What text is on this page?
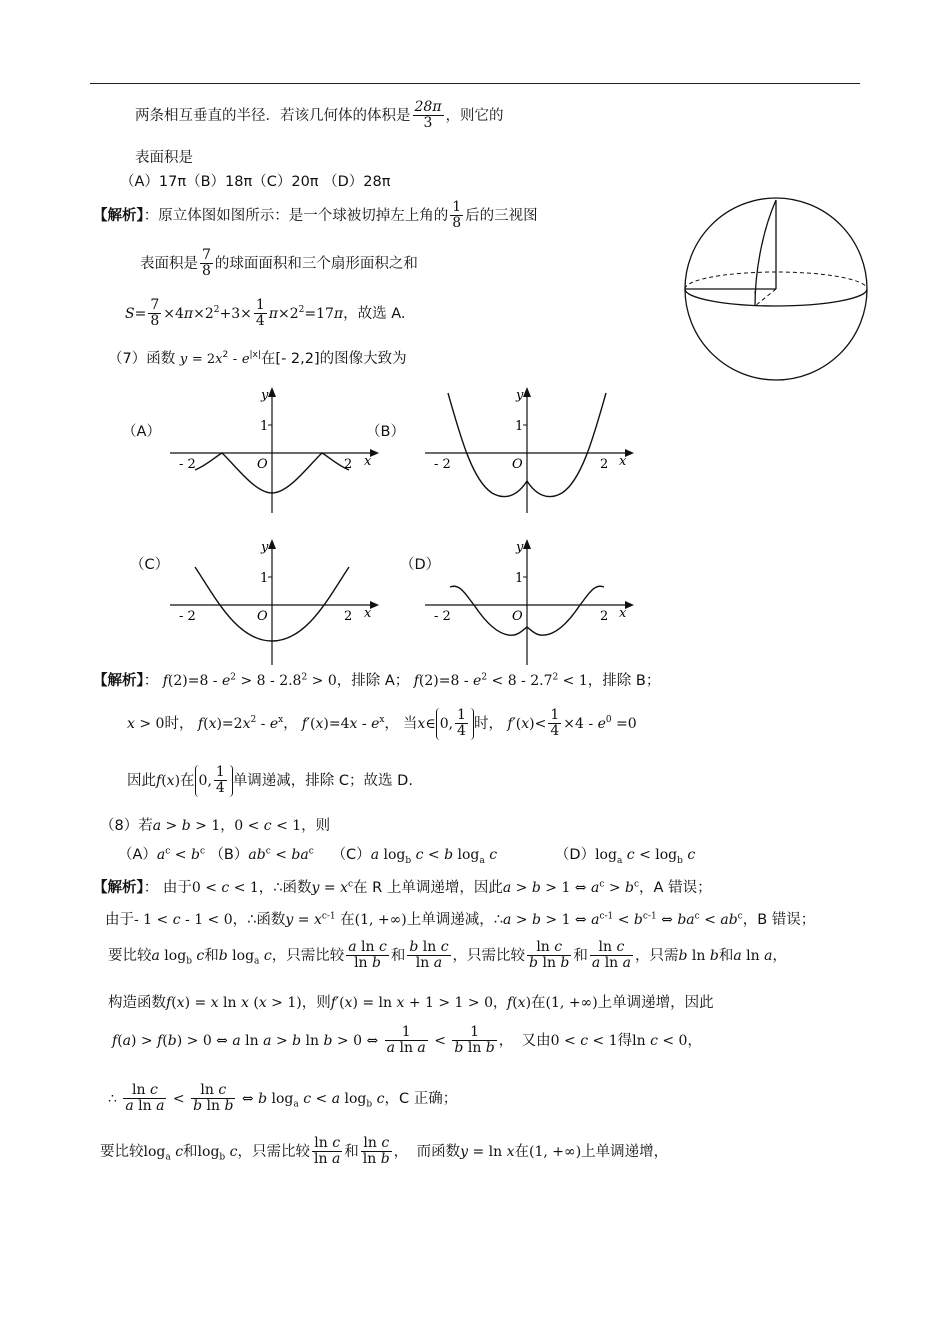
两条相互垂直的半径．若该几何体的体积是 $\frac{28\pi}{3}$ ，则它的
表面积是
（A）17π（B）18π（C）20π （D）28π
【解析】：原立体图如图所示：是一个球被切掉左上角的 $\frac{1}{8}$ 后的三视图
表面积是 $\frac{7}{8}$ 的球面面积和三个扇形面积之和
$S= \frac{7}{8} \times 4\pi\times 2^2+3\times \frac{1}{4} \pi\times 2^2=17\pi$，故选 A.
（7）函数 $y = 2x^2 - e^{|x|}$在[- 2,2]的图像大致为
（A）	（B）
（C）	（D）
y
1
O
- 2	2 x
y
1
O
- 2	2 x
y
1
O
- 2	2 x
y
1
O
- 2	2 x
【解析】： $f(2)=8 - e^2 > 8 - 2.8^2 > 0$，排除 A； $f(2)=8 - e^2 < 8 - 2.7^2 < 1$，排除 B；
x > 0时， $f(x)=2x^2 - e^x$， $f'(x)=4x - e^x$， 当x∈ 0, $\frac{1}{4}$ 时， $f'(x)< \frac{1}{4} \times 4 - e^0 =0$
因此f(x)在 0, $\frac{1}{4}$ 单调递减，排除 C；故选 D.
（8）若a > b > 1，0 < c < 1，则
$(A)a^c < b^c$ $(B)ab^c < ba^c$ （C）a $\log_b c < b$ $\log_a c$	$(D)\log_a$ $c < \log_b c$
【解析】： 由于0 < c < 1，∴函数$y = x^c$在 R 上单调递增，因此a > b > 1 ⇔ $a^c > b^c$，A 错误；
由于- 1 < c - 1 < 0，∴函数$y = x^{c-1}$ 在(1, +∞)上单调递减，∴a > b > 1 ⇔ $a^{c-1} < b^{c-1}$ ⇔ $ba^c < ab^c$，B 错误；
要比较a $\log_b c$和b $\log_a c$，只需比较 $\frac{\text{a ln c}}{\text{ln b}}$ 和 $\frac{\text{b ln c}}{\text{ln a}}$ ，只需比较 $\frac{\text{ln c}}{\text{b ln b}}$ 和 $\frac{\text{ln c}}{\text{a ln a}}$ ，只需b ln b和a ln a，
构造函数f(x) = x ln x (x > 1)，则f′(x) = ln x + 1 > 1 > 0，f(x)在(1, +∞)上单调递增，因此
f(a) > f(b) > 0 ⇔ a ln a > b ln b > 0 ⇔ $\frac{1}{\text{a ln a}} < \frac{1}{\text{b ln b}}$ ，  又由0 < c < 1得ln c < 0，
∴ $\frac{\text{ln c}}{\text{a ln a}} < \frac{\text{ln c}}{\text{b ln b}}$ ⇔ b $\log_a c < a$ $\log_b c$，C 正确；
要比较$\log_a c$和$\log_b c$，只需比较 $\frac{\text{ln c}}{\text{ln a}}$ 和 $\frac{\text{ln c}}{\text{ln b}}$ ，  而函数y = ln x在(1, +∞)上单调递增，
